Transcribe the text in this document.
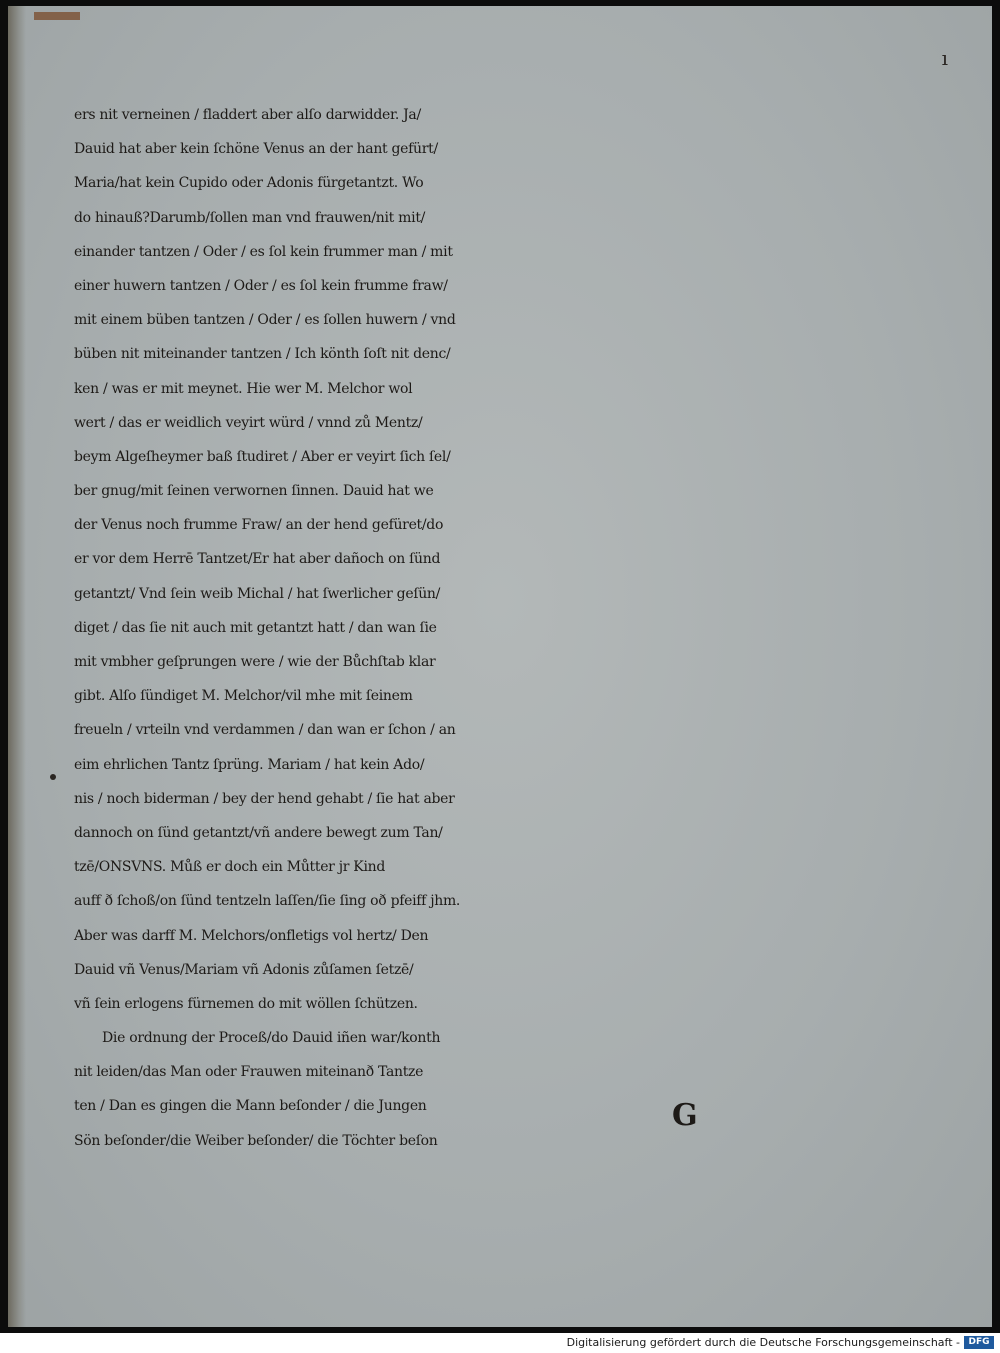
ı
ers nit verneinen / fladdert aber alſo darwidder. Ja/
Dauid hat aber kein ſchöne Venus an der hant gefürt/
Maria/hat kein Cupido oder Adonis fürgetantzt. Wo
do hinauß?Darumb/ſollen man vnd frauwen/nit mit/
einander tantzen / Oder / es ſol kein frummer man / mit
einer huwern tantzen / Oder / es ſol kein frumme fraw/
mit einem büben tantzen / Oder / es ſollen huwern / vnd
büben nit miteinander tantzen / Ich könth ſoſt nit denc/
ken / was er mit meynet. Hie wer M. Melchor wol
wert / das er weidlich veyirt würd / vnnd zů Mentz/
beym Algeſheymer baß ſtudiret / Aber er veyirt ſich ſel/
ber gnug/mit ſeinen verwornen ſinnen. Dauid hat we
der Venus noch frumme Fraw/ an der hend gefüret/do
er vor dem Herrē Tantzet/Er hat aber dañoch on ſünd
getantzt/ Vnd ſein weib Michal / hat ſwerlicher geſün/
diget / das ſie nit auch mit getantzt hatt / dan wan ſie
mit vmbher geſprungen were / wie der Bůchſtab klar
gibt. Alſo ſündiget M. Melchor/vil mhe mit ſeinem
freueln / vrteiln vnd verdammen / dan wan er ſchon / an
eim ehrlichen Tantz ſprüng. Mariam / hat kein Ado/
nis / noch biderman / bey der hend gehabt / ſie hat aber
dannoch on ſünd getantzt/vñ andere bewegt zum Tan/
tzē/ONSVNS. Můß er doch ein Můtter jr Kind
auff ð ſchoß/on ſünd tentzeln laſſen/ſie ſing oð pfeiff jhm.
Aber was darff M. Melchors/onfletigs vol hertz/ Den
Dauid vñ Venus/Mariam vñ Adonis zůſamen ſetzē/
vñ ſein erlogens fürnemen do mit wöllen ſchützen.
Die ordnung der Proceß/do Dauid iñen war/konth
nit leiden/das Man oder Frauwen miteinanð Tantze
ten / Dan es gingen die Mann beſonder / die Jungen
Sön beſonder/die Weiber beſonder/ die Töchter beſon
G
Digitalisierung gefördert durch die Deutsche Forschungsgemeinschaft - DFG
